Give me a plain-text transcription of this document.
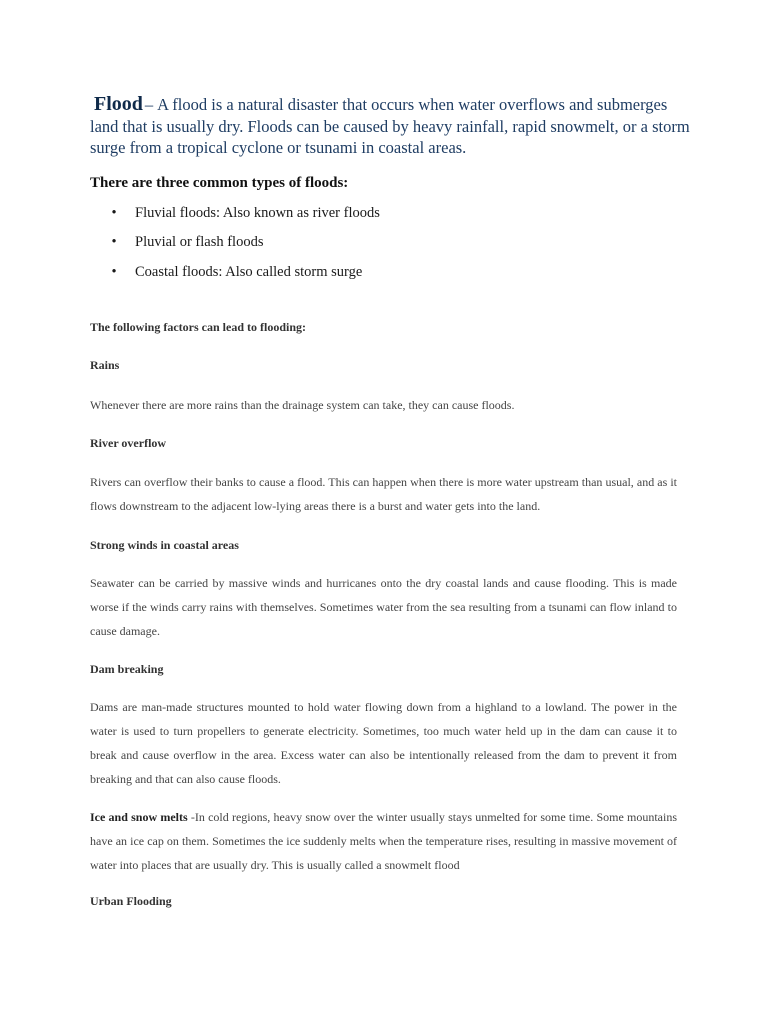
Flood – A flood is a natural disaster that occurs when water overflows and submerges land that is usually dry. Floods can be caused by heavy rainfall, rapid snowmelt, or a storm surge from a tropical cyclone or tsunami in coastal areas.
There are three common types of floods:
• Fluvial floods: Also known as river floods
• Pluvial or flash floods
• Coastal floods: Also called storm surge
The following factors can lead to flooding:
Rains
Whenever there are more rains than the drainage system can take, they can cause floods.
River overflow
Rivers can overflow their banks to cause a flood. This can happen when there is more water upstream than usual, and as it flows downstream to the adjacent low-lying areas there is a burst and water gets into the land.
Strong winds in coastal areas
Seawater can be carried by massive winds and hurricanes onto the dry coastal lands and cause flooding. This is made worse if the winds carry rains with themselves. Sometimes water from the sea resulting from a tsunami can flow inland to cause damage.
Dam breaking
Dams are man-made structures mounted to hold water flowing down from a highland to a lowland. The power in the water is used to turn propellers to generate electricity. Sometimes, too much water held up in the dam can cause it to break and cause overflow in the area. Excess water can also be intentionally released from the dam to prevent it from breaking and that can also cause floods.
Ice and snow melts -In cold regions, heavy snow over the winter usually stays unmelted for some time. Some mountains have an ice cap on them. Sometimes the ice suddenly melts when the temperature rises, resulting in massive movement of water into places that are usually dry. This is usually called a snowmelt flood
Urban Flooding
